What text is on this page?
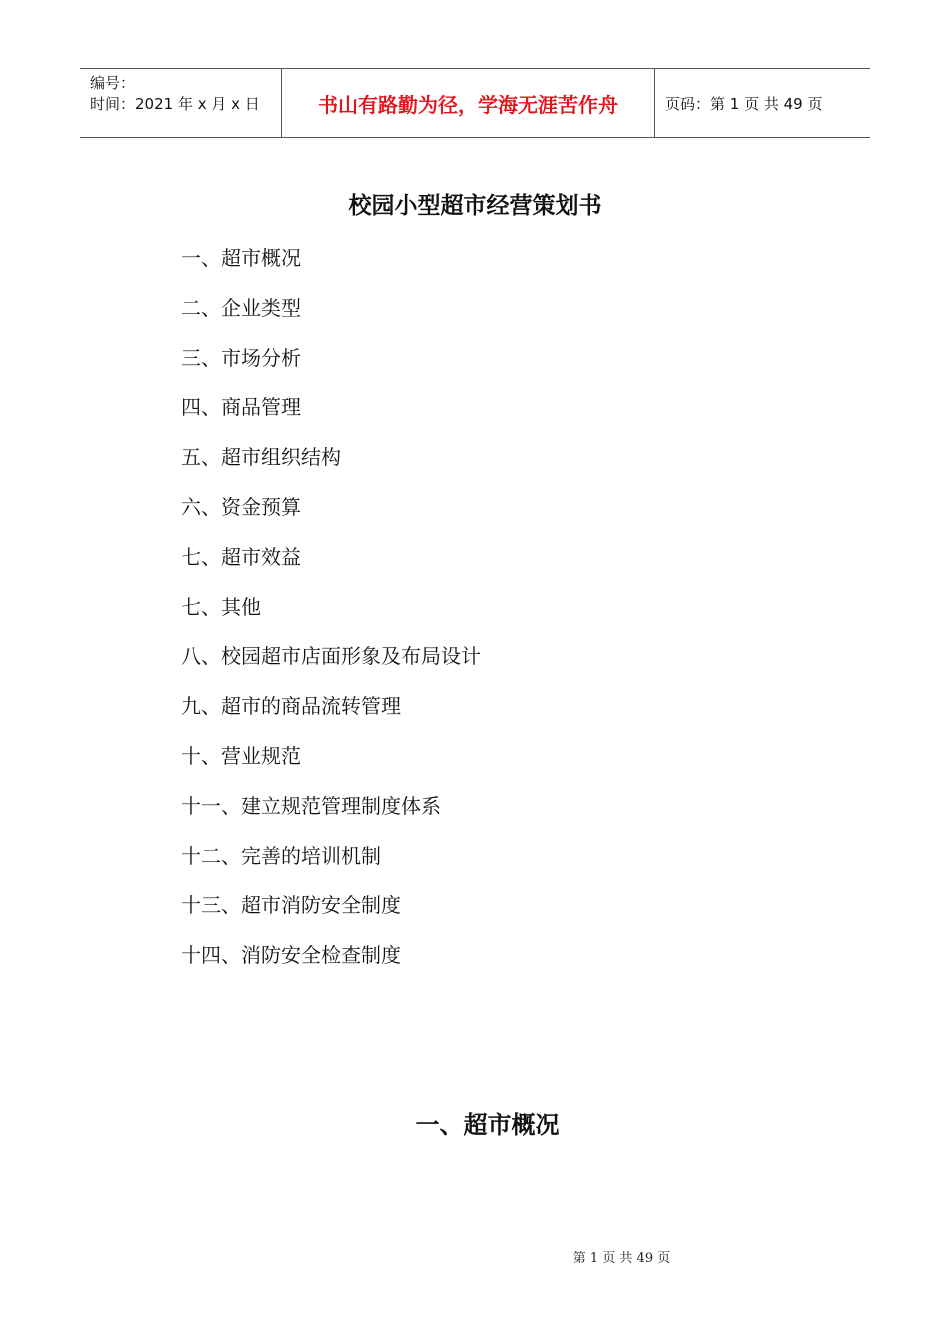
编号：
时间：2021 年 x 月 x 日	书山有路勤为径，学海无涯苦作舟	页码：第 1 页 共 49 页
校园小型超市经营策划书
一、超市概况
二、企业类型
三、市场分析
四、商品管理
五、超市组织结构
六、资金预算
七、超市效益
七、其他
八、校园超市店面形象及布局设计
九、超市的商品流转管理
十、营业规范
十一、建立规范管理制度体系
十二、完善的培训机制
十三、超市消防安全制度
十四、消防安全检查制度
一、超市概况
第 1 页 共 49 页
